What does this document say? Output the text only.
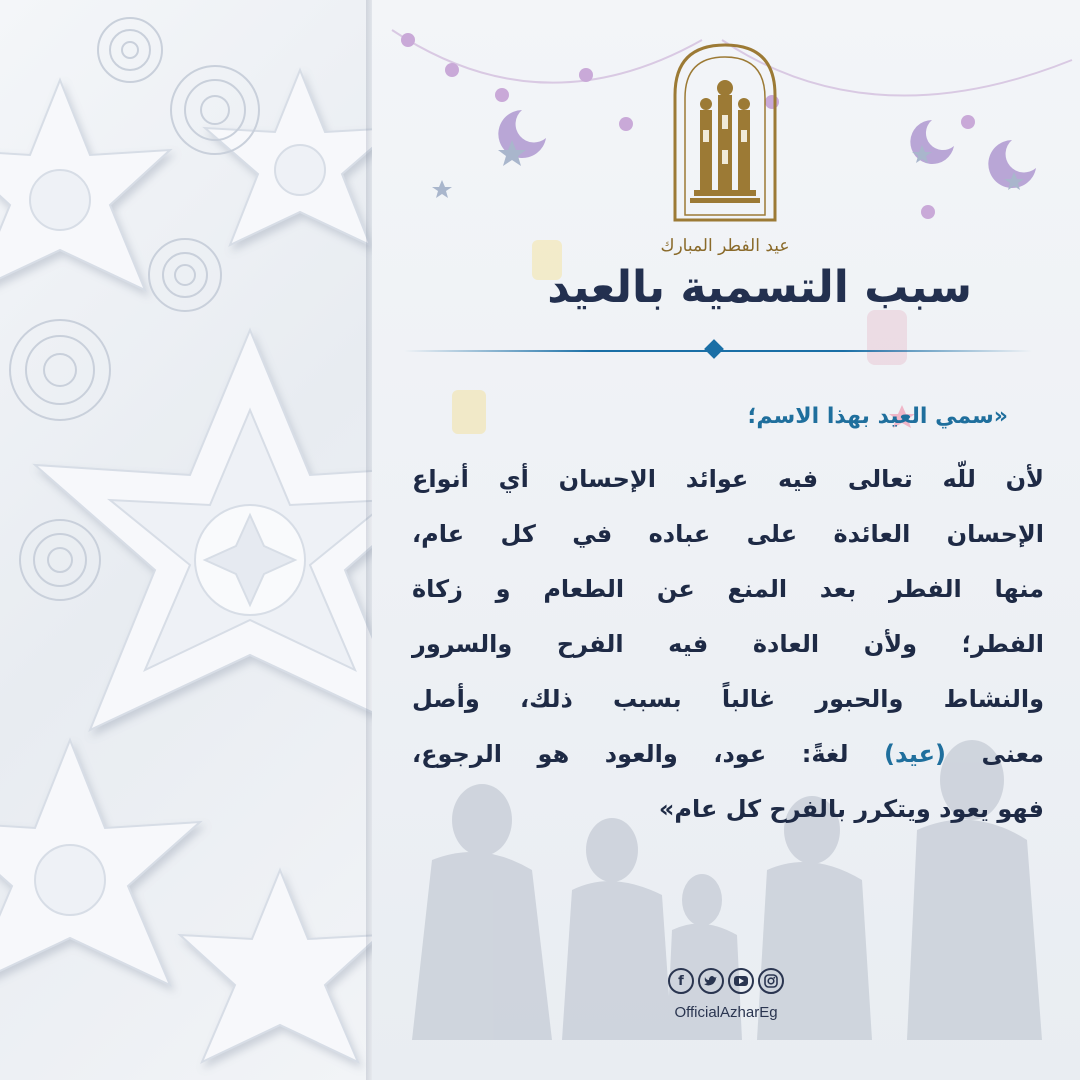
عيد الفطر المبارك
سبب التسمية بالعيد
«سمي العيد بهذا الاسم؛
لأن للّه تعالى فيه عوائد الإحسان أي أنواع
الإحسان العائدة على عباده في كل عام،
منها الفطر بعد المنع عن الطعام و زكاة
الفطر؛ ولأن العادة فيه الفرح والسرور
والنشاط والحبور غالباً بسبب ذلك، وأصل
معنى (عيد) لغةً: عود، والعود هو الرجوع،
فهو يعود ويتكرر بالفرح كل عام»
f
OfficialAzharEg
